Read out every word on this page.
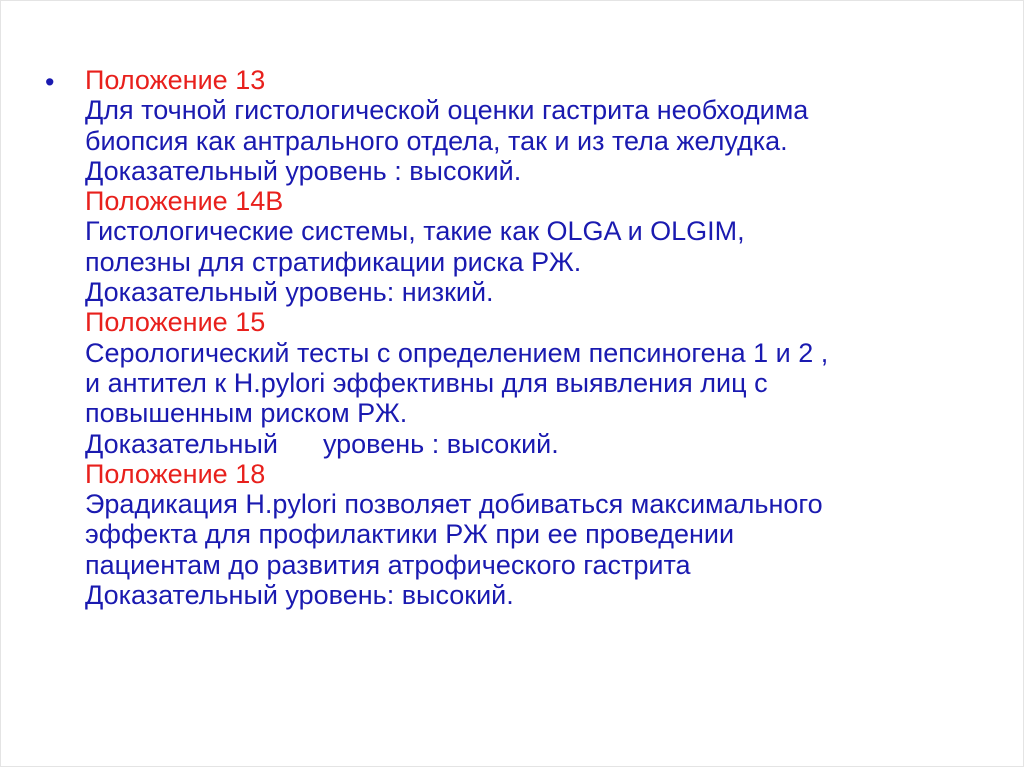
• Положение 13
Для точной гистологической оценки гастрита необходима
биопсия как антрального отдела, так и из тела желудка.
Доказательный уровень : высокий.
Положение 14В
Гистологические системы, такие как OLGA и OLGIM,
полезны для стратификации риска РЖ.
Доказательный уровень: низкий.
Положение 15
Серологический тесты с определением пепсиногена 1 и 2 ,
и антител к H.pylori эффективны для выявления лиц с
повышенным риском РЖ.
Доказательный      уровень : высокий.
Положение 18
Эрадикация H.pylori позволяет добиваться максимального
эффекта для профилактики РЖ при ее проведении
пациентам до развития атрофического гастрита
Доказательный уровень: высокий.
